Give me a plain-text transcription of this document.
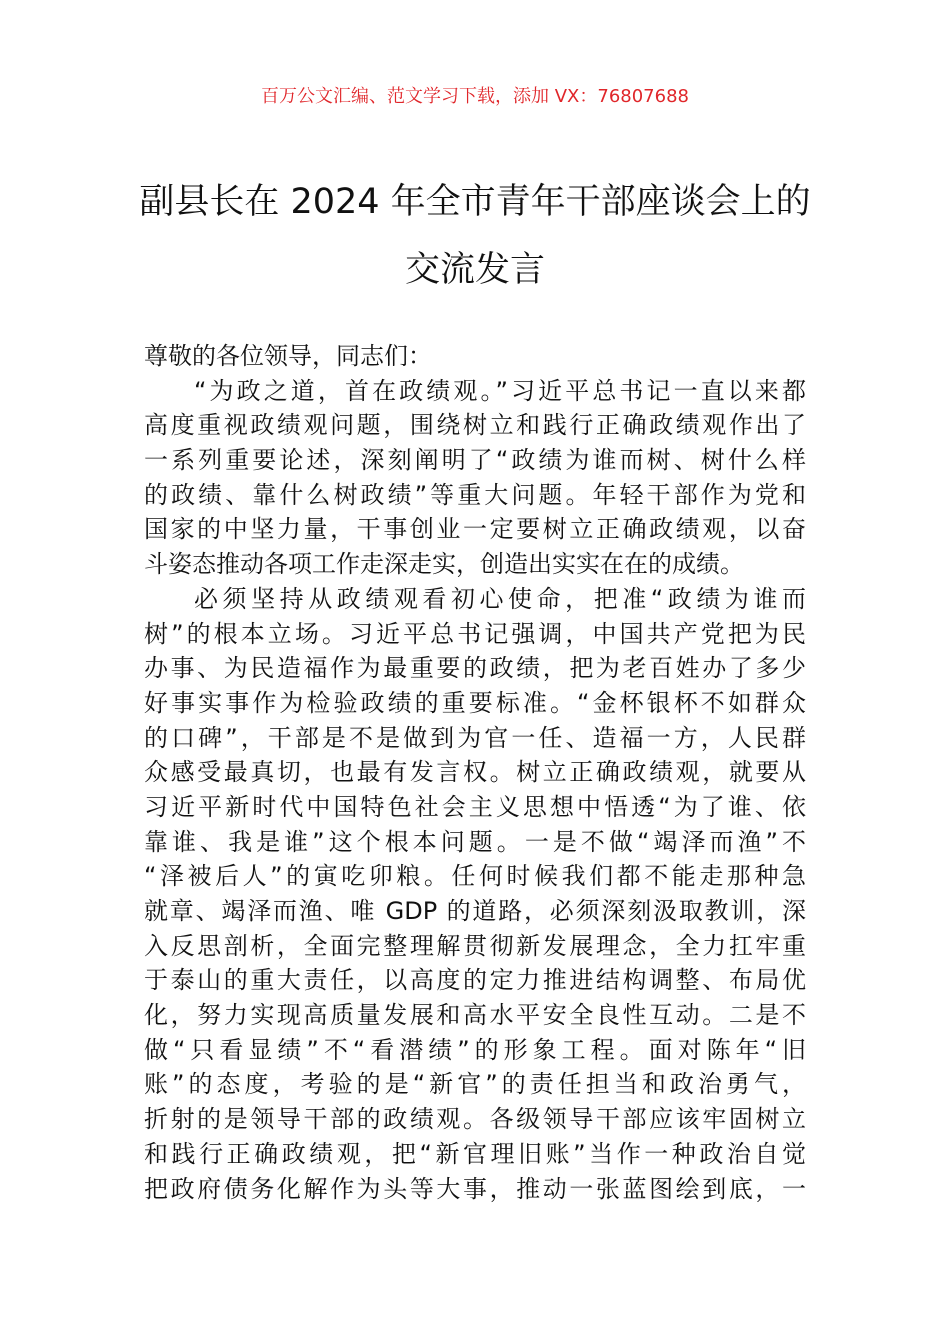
百万公文汇编、范文学习下载，添加 VX：76807688
副县长在 2024 年全市青年干部座谈会上的
交流发言
尊敬的各位领导，同志们：
“为政之道，首在政绩观。”习近平总书记一直以来都
高度重视政绩观问题，围绕树立和践行正确政绩观作出了
一系列重要论述，深刻阐明了“政绩为谁而树、树什么样
的政绩、靠什么树政绩”等重大问题。年轻干部作为党和
国家的中坚力量，干事创业一定要树立正确政绩观，以奋
斗姿态推动各项工作走深走实，创造出实实在在的成绩。
必须坚持从政绩观看初心使命，把准“政绩为谁而
树”的根本立场。习近平总书记强调，中国共产党把为民
办事、为民造福作为最重要的政绩，把为老百姓办了多少
好事实事作为检验政绩的重要标准。“金杯银杯不如群众
的口碑”，干部是不是做到为官一任、造福一方，人民群
众感受最真切，也最有发言权。树立正确政绩观，就要从
习近平新时代中国特色社会主义思想中悟透“为了谁、依
靠谁、我是谁”这个根本问题。一是不做“竭泽而渔”不
“泽被后人”的寅吃卯粮。任何时候我们都不能走那种急
就章、竭泽而渔、唯 GDP 的道路，必须深刻汲取教训，深
入反思剖析，全面完整理解贯彻新发展理念，全力扛牢重
于泰山的重大责任，以高度的定力推进结构调整、布局优
化，努力实现高质量发展和高水平安全良性互动。二是不
做“只看显绩”不“看潜绩”的形象工程。面对陈年“旧
账”的态度，考验的是“新官”的责任担当和政治勇气，
折射的是领导干部的政绩观。各级领导干部应该牢固树立
和践行正确政绩观，把“新官理旧账”当作一种政治自觉
把政府债务化解作为头等大事，推动一张蓝图绘到底，一
